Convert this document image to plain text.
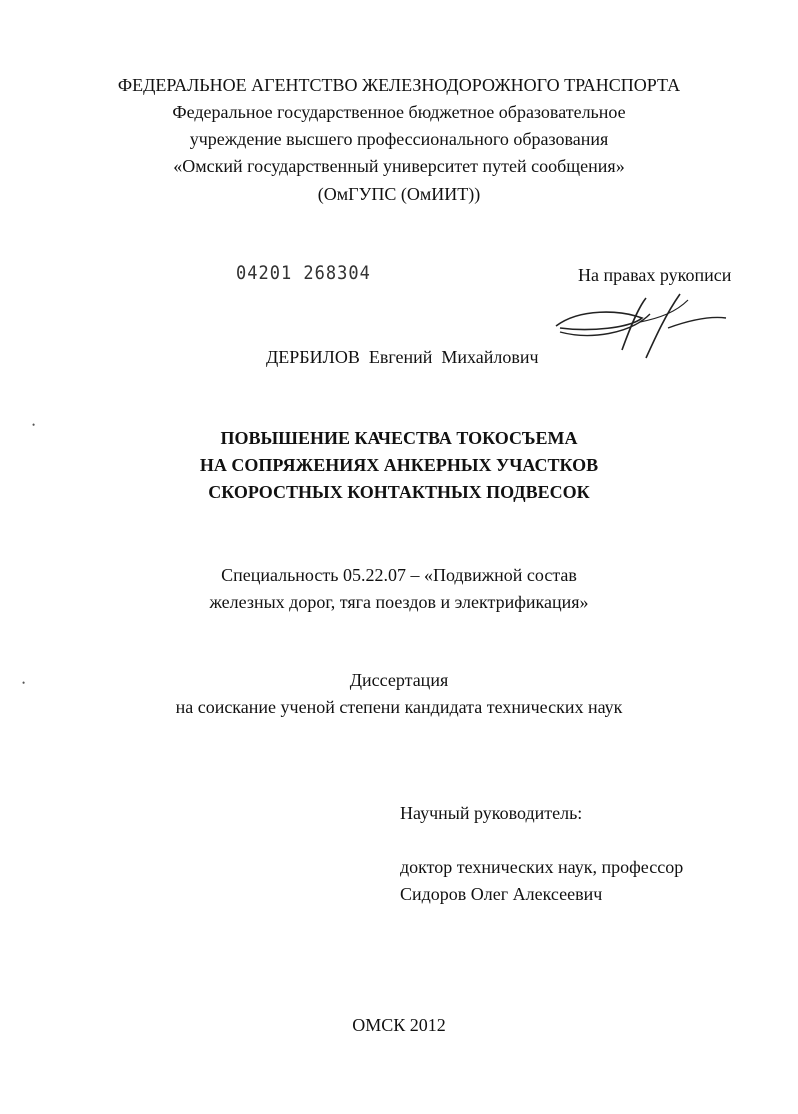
ФЕДЕРАЛЬНОЕ АГЕНТСТВО ЖЕЛЕЗНОДОРОЖНОГО ТРАНСПОРТА
Федеральное государственное бюджетное образовательное
учреждение высшего профессионального образования
«Омский государственный университет путей сообщения»
(ОмГУПС (ОмИИТ))
04201 268304	На правах рукописи
ДЕРБИЛОВ Евгений Михайлович
•
ПОВЫШЕНИЕ КАЧЕСТВА ТОКОСЪЕМА
НА СОПРЯЖЕНИЯХ АНКЕРНЫХ УЧАСТКОВ
СКОРОСТНЫХ КОНТАКТНЫХ ПОДВЕСОК
Специальность 05.22.07 – «Подвижной состав
железных дорог, тяга поездов и электрификация»
•	Диссертация
на соискание ученой степени кандидата технических наук
Научный руководитель:
доктор технических наук, профессор
Сидоров Олег Алексеевич
ОМСК 2012
